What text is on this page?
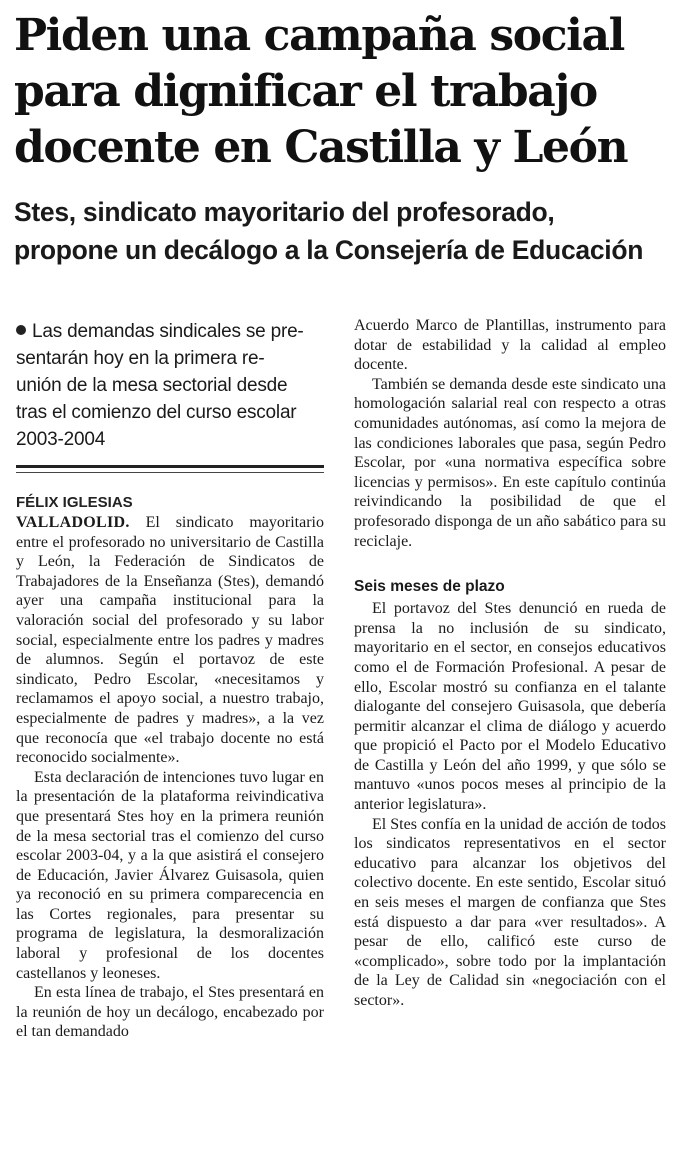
Piden una campaña social
para dignificar el trabajo
docente en Castilla y León
Stes, sindicato mayoritario del profesorado,
propone un decálogo a la Consejería de Educación
Las demandas sindicales se pre-
sentarán hoy en la primera re-
unión de la mesa sectorial desde
tras el comienzo del curso escolar
2003-2004
FÉLIX IGLESIAS

VALLADOLID. El sindicato mayoritario entre el profesorado no universitario de Castilla y León, la Federación de Sindicatos de Trabajadores de la Enseñanza (Stes), demandó ayer una campaña institucional para la valoración social del profesorado y su labor social, especialmente entre los padres y madres de alumnos. Según el portavoz de este sindicato, Pedro Escolar, «necesitamos y reclamamos el apoyo social, a nuestro trabajo, especialmente de padres y madres», a la vez que reconocía que «el trabajo docente no está reconocido socialmente».

Esta declaración de intenciones tuvo lugar en la presentación de la plataforma reivindicativa que presentará Stes hoy en la primera reunión de la mesa sectorial tras el comienzo del curso escolar 2003-04, y a la que asistirá el consejero de Educación, Javier Álvarez Guisasola, quien ya reconoció en su primera comparecencia en las Cortes regionales, para presentar su programa de legislatura, la desmoralización laboral y profesional de los docentes castellanos y leoneses.

En esta línea de trabajo, el Stes presentará en la reunión de hoy un decálogo, encabezado por el tan demandado

Acuerdo Marco de Plantillas, instrumento para dotar de estabilidad y la calidad al empleo docente.

También se demanda desde este sindicato una homologación salarial real con respecto a otras comunidades autónomas, así como la mejora de las condiciones laborales que pasa, según Pedro Escolar, por «una normativa específica sobre licencias y permisos». En este capítulo continúa reivindicando la posibilidad de que el profesorado disponga de un año sabático para su reciclaje.

Seis meses de plazo

El portavoz del Stes denunció en rueda de prensa la no inclusión de su sindicato, mayoritario en el sector, en consejos educativos como el de Formación Profesional. A pesar de ello, Escolar mostró su confianza en el talante dialogante del consejero Guisasola, que debería permitir alcanzar el clima de diálogo y acuerdo que propició el Pacto por el Modelo Educativo de Castilla y León del año 1999, y que sólo se mantuvo «unos pocos meses al principio de la anterior legislatura».

El Stes confía en la unidad de acción de todos los sindicatos representativos en el sector educativo para alcanzar los objetivos del colectivo docente. En este sentido, Escolar situó en seis meses el margen de confianza que Stes está dispuesto a dar para «ver resultados». A pesar de ello, calificó este curso de «complicado», sobre todo por la implantación de la Ley de Calidad sin «negociación con el sector».
